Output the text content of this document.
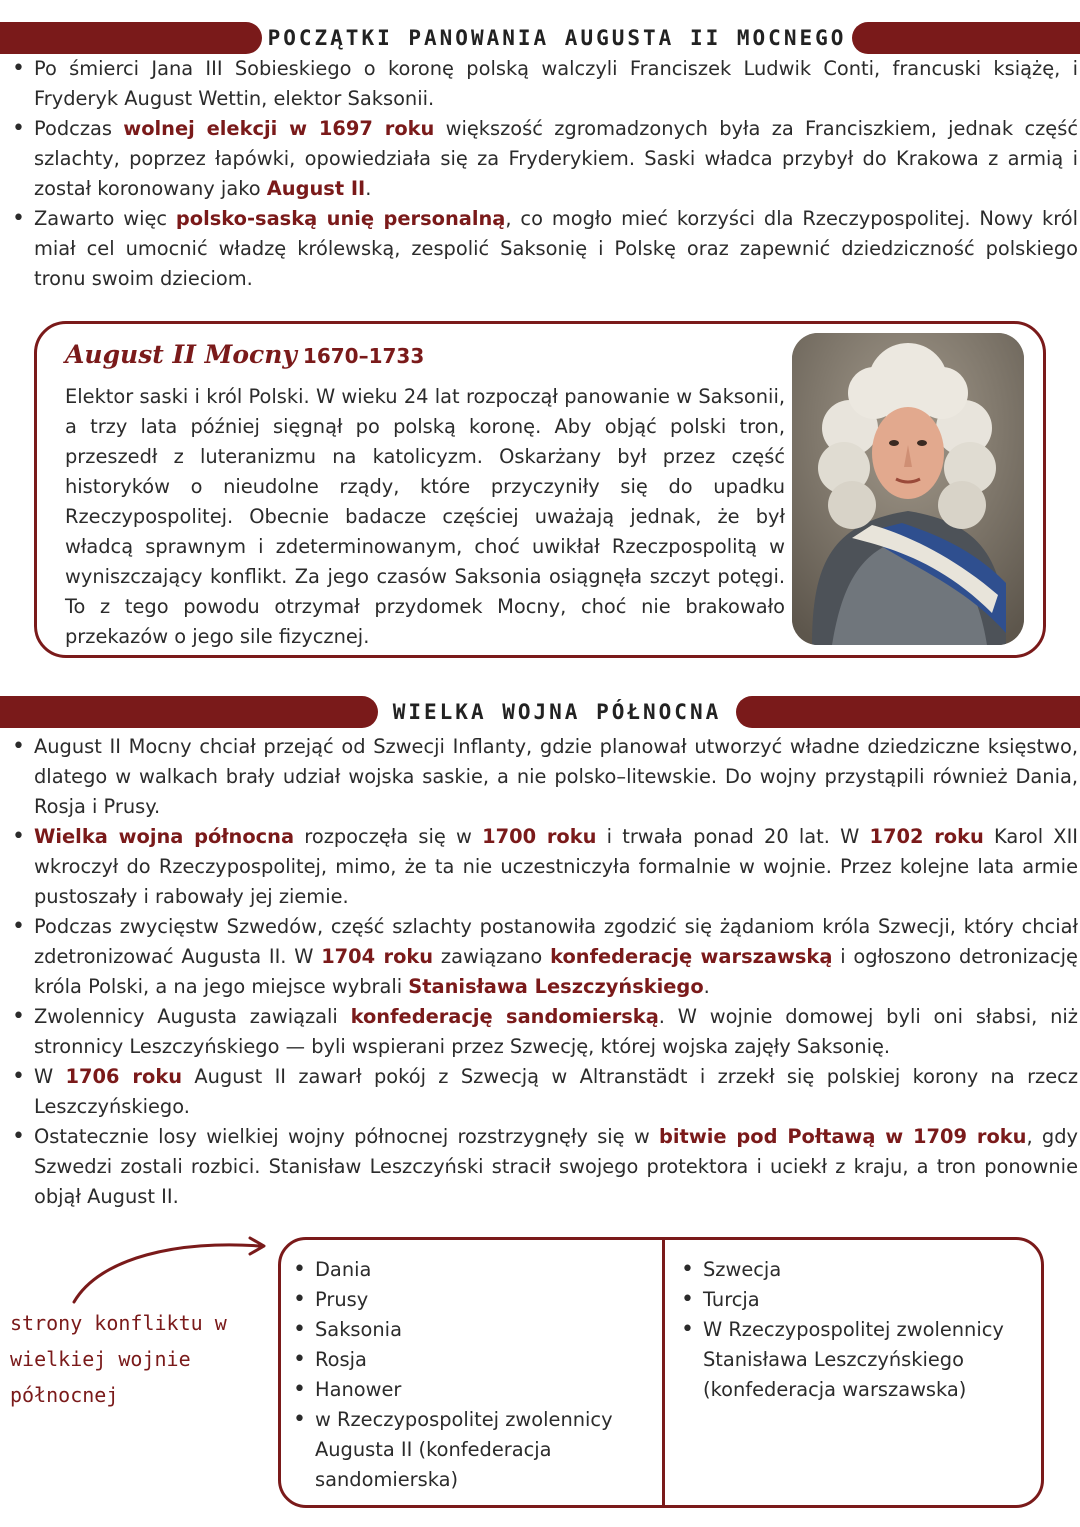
POCZĄTKI PANOWANIA AUGUSTA II MOCNEGO
• Po śmierci Jana III Sobieskiego o koronę polską walczyli Franciszek Ludwik Conti, francuski książę, i Fryderyk August Wettin, elektor Saksonii.
• Podczas wolnej elekcji w 1697 roku większość zgromadzonych była za Franciszkiem, jednak część szlachty, poprzez łapówki, opowiedziała się za Fryderykiem. Saski władca przybył do Krakowa z armią i został koronowany jako August II.
• Zawarto więc polsko-saską unię personalną, co mogło mieć korzyści dla Rzeczypospolitej. Nowy król miał cel umocnić władzę królewską, zespolić Saksonię i Polskę oraz zapewnić dziedziczność polskiego tronu swoim dzieciom.
August II Mocny 1670–1733
Elektor saski i król Polski. W wieku 24 lat rozpoczął panowanie w Saksonii, a trzy lata później sięgnął po polską koronę. Aby objąć polski tron, przeszedł z luteranizmu na katolicyzm. Oskarżany był przez część historyków o nieudolne rządy, które przyczyniły się do upadku Rzeczypospolitej. Obecnie badacze częściej uważają jednak, że był władcą sprawnym i zdeterminowanym, choć uwikłał Rzeczpospolitą w wyniszczający konflikt. Za jego czasów Saksonia osiągnęła szczyt potęgi. To z tego powodu otrzymał przydomek Mocny, choć nie brakowało przekazów o jego sile fizycznej.
WIELKA WOJNA PÓŁNOCNA
• August II Mocny chciał przejąć od Szwecji Inflanty, gdzie planował utworzyć władne dziedziczne księstwo, dlatego w walkach brały udział wojska saskie, a nie polsko–litewskie. Do wojny przystąpili również Dania, Rosja i Prusy.
• Wielka wojna północna rozpoczęła się w 1700 roku i trwała ponad 20 lat. W 1702 roku Karol XII wkroczył do Rzeczypospolitej, mimo, że ta nie uczestniczyła formalnie w wojnie. Przez kolejne lata armie pustoszały i rabowały jej ziemie.
• Podczas zwycięstw Szwedów, część szlachty postanowiła zgodzić się żądaniom króla Szwecji, który chciał zdetronizować Augusta II. W 1704 roku zawiązano konfederację warszawską i ogłoszono detronizację króla Polski, a na jego miejsce wybrali Stanisława Leszczyńskiego.
• Zwolennicy Augusta zawiązali konfederację sandomierską. W wojnie domowej byli oni słabsi, niż stronnicy Leszczyńskiego — byli wspierani przez Szwecję, której wojska zajęły Saksonię.
• W 1706 roku August II zawarł pokój z Szwecją w Altranstädt i zrzekł się polskiej korony na rzecz Leszczyńskiego.
• Ostatecznie losy wielkiej wojny północnej rozstrzygnęły się w bitwie pod Połtawą w 1709 roku, gdy Szwedzi zostali rozbici. Stanisław Leszczyński stracił swojego protektora i uciekł z kraju, a tron ponownie objął August II.
strony konfliktu w
wielkiej wojnie
północnej
• Dania
• Prusy
• Saksonia
• Rosja
• Hanower
• w Rzeczypospolitej zwolennicy Augusta II (konfederacja sandomierska)
• Szwecja
• Turcja
• W Rzeczypospolitej zwolennicy Stanisława Leszczyńskiego (konfederacja warszawska)
